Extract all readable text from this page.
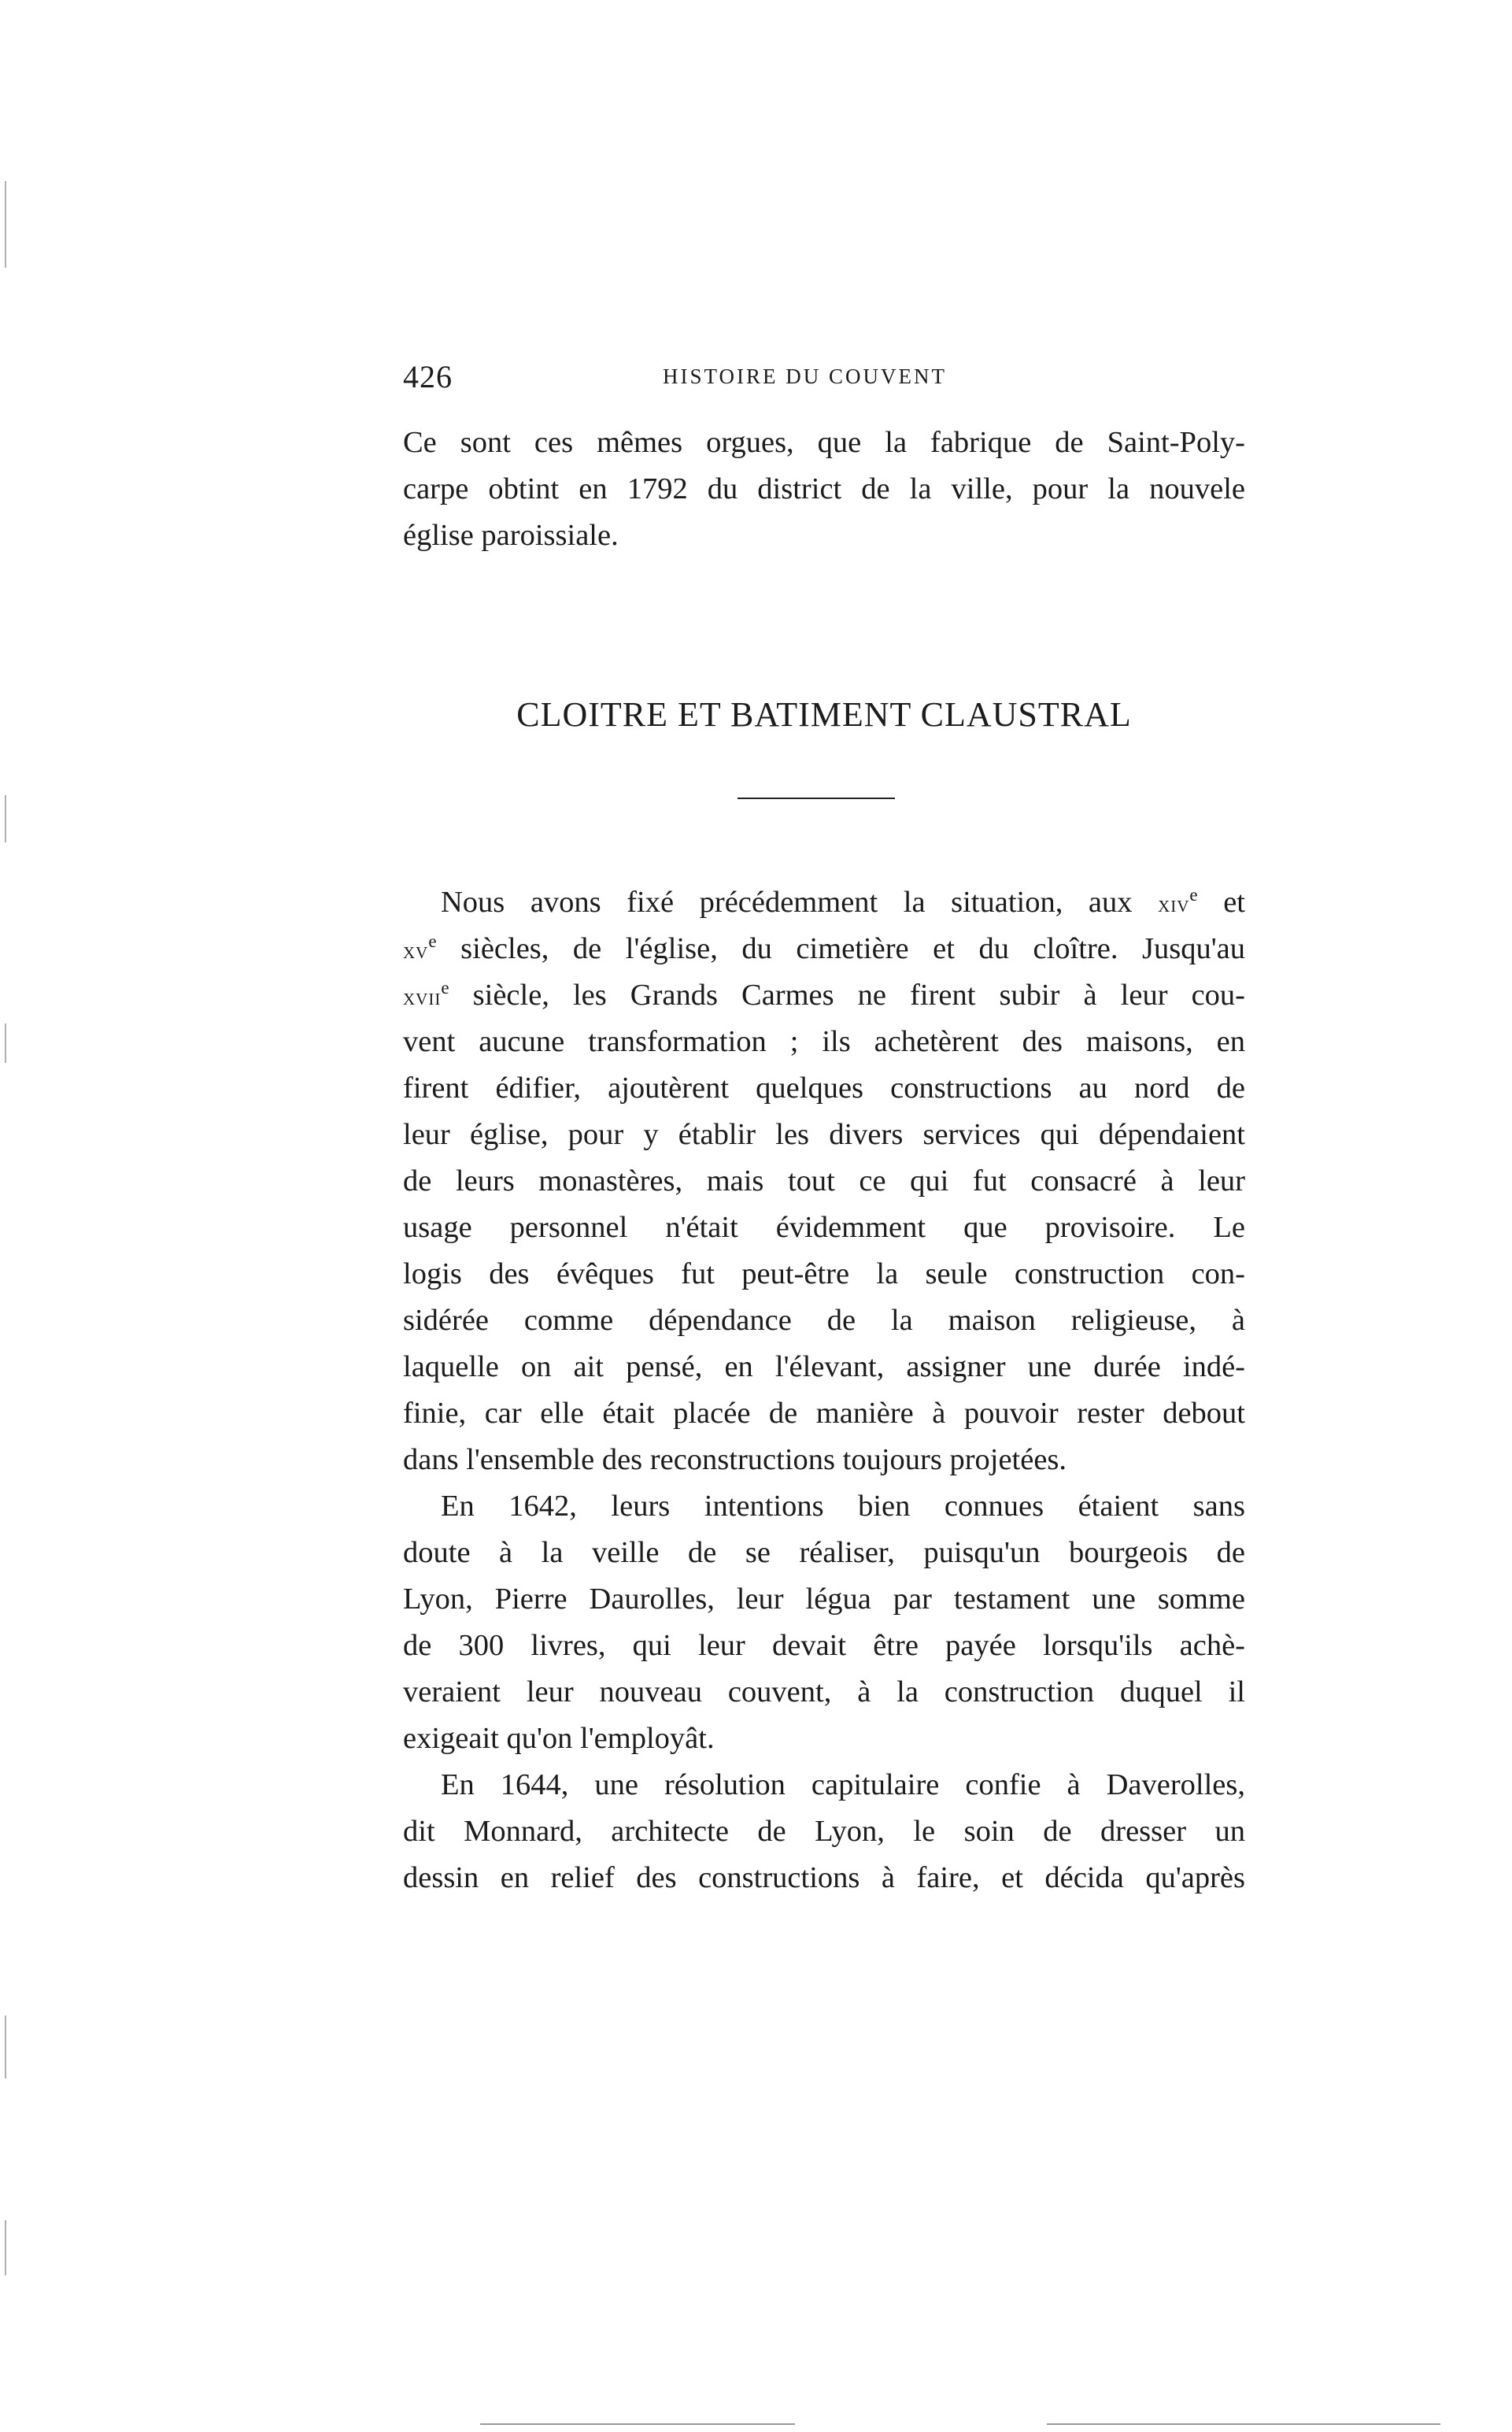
426	HISTOIRE DU COUVENT
Ce sont ces mêmes orgues, que la fabrique de Saint-Poly-
carpe obtint en 1792 du district de la ville, pour la nouvele
église paroissiale.
CLOITRE ET BATIMENT CLAUSTRAL
Nous avons fixé précédemment la situation, aux xiv$^e$ et
$xv^e$ siècles, de l'église, du cimetière et du cloître. Jusqu'au
xvii$^e$ siècle, les Grands Carmes ne firent subir à leur cou-
vent aucune transformation ; ils achetèrent des maisons, en
firent édifier, ajoutèrent quelques constructions au nord de
leur église, pour y établir les divers services qui dépendaient
de leurs monastères, mais tout ce qui fut consacré à leur
usage personnel n'était évidemment que provisoire. Le
logis des évêques fut peut-être la seule construction con-
sidérée comme dépendance de la maison religieuse, à
laquelle on ait pensé, en l'élevant, assigner une durée indé-
finie, car elle était placée de manière à pouvoir rester debout
dans l'ensemble des reconstructions toujours projetées.
En 1642, leurs intentions bien connues étaient sans
doute à la veille de se réaliser, puisqu'un bourgeois de
Lyon, Pierre Daurolles, leur légua par testament une somme
de 300 livres, qui leur devait être payée lorsqu'ils achè-
veraient leur nouveau couvent, à la construction duquel il
exigeait qu'on l'employât.
En 1644, une résolution capitulaire confie à Daverolles,
dit Monnard, architecte de Lyon, le soin de dresser un
dessin en relief des constructions à faire, et décida qu'après
